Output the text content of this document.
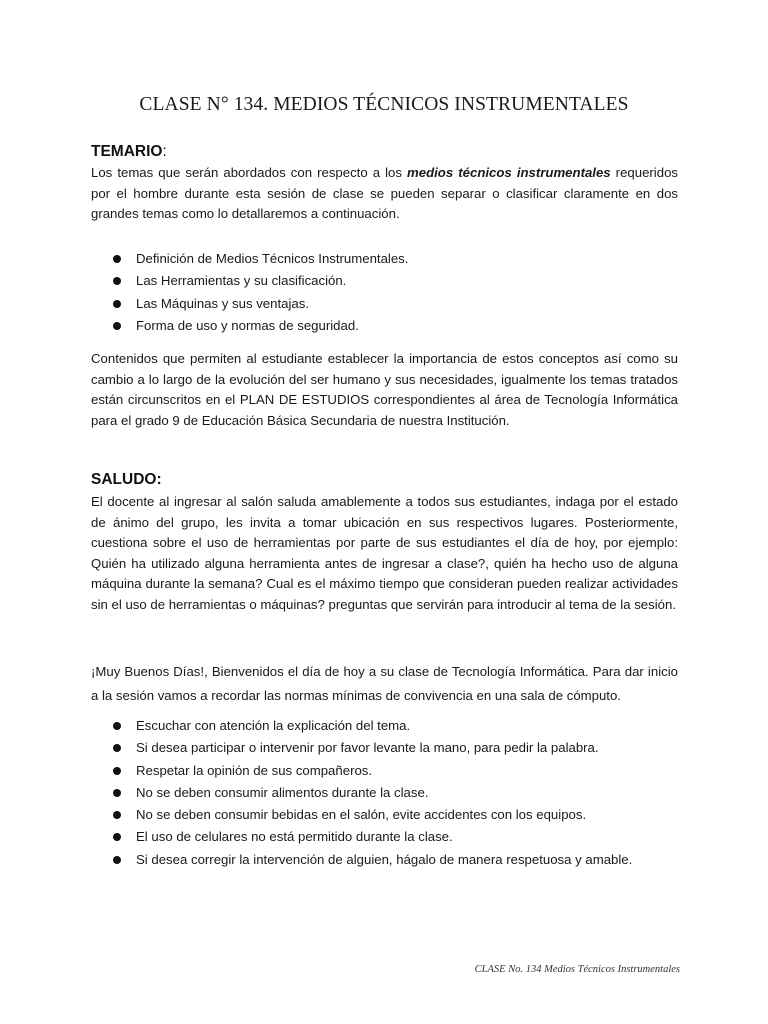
CLASE N° 134. MEDIOS TÉCNICOS INSTRUMENTALES
TEMARIO:

Los temas que serán abordados con respecto a los medios técnicos instrumentales requeridos por el hombre durante esta sesión de clase se pueden separar o clasificar claramente en dos grandes temas como lo detallaremos a continuación.

Definición de Medios Técnicos Instrumentales.
Las Herramientas y su clasificación.
Las Máquinas y sus ventajas.
Forma de uso y normas de seguridad.

Contenidos que permiten al estudiante establecer la importancia de estos conceptos así como su cambio a lo largo de la evolución del ser humano y sus necesidades, igualmente los temas tratados están circunscritos en el PLAN DE ESTUDIOS correspondientes al área de Tecnología Informática para el grado 9 de Educación Básica Secundaria de nuestra Institución.

SALUDO:

El docente al ingresar al salón saluda amablemente a todos sus estudiantes, indaga por el estado de ánimo del grupo, les invita a tomar ubicación en sus respectivos lugares. Posteriormente, cuestiona sobre el uso de herramientas por parte de sus estudiantes el día de hoy, por ejemplo: Quién ha utilizado alguna herramienta antes de ingresar a clase?, quién ha hecho uso de alguna máquina durante la semana? Cual es el máximo tiempo que consideran pueden realizar actividades sin el uso de herramientas o máquinas? preguntas que servirán para introducir al tema de la sesión.

¡Muy Buenos Días!, Bienvenidos el día de hoy a su clase de Tecnología Informática. Para dar inicio a la sesión vamos a recordar las normas mínimas de convivencia en una sala de cómputo.

Escuchar con atención la explicación del tema.
Si desea participar o intervenir por favor levante la mano, para pedir la palabra.
Respetar la opinión de sus compañeros.
No se deben consumir alimentos durante la clase.
No se deben consumir bebidas en el salón, evite accidentes con los equipos.
El uso de celulares no está permitido durante la clase.
Si desea corregir la intervención de alguien, hágalo de manera respetuosa y amable.
CLASE No. 134 Medios Técnicos Instrumentales
